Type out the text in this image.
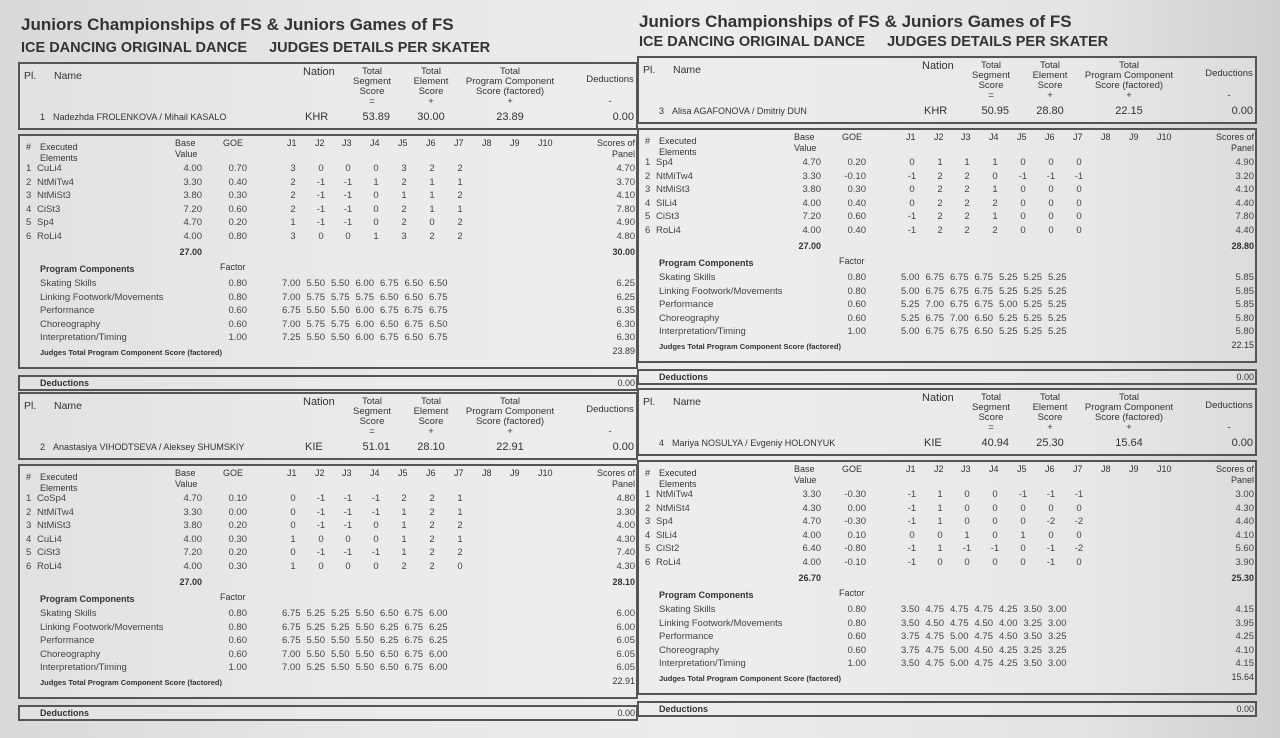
Juniors Championships of FS & Juniors Games of FS
ICE DANCING ORIGINAL DANCE JUDGES DETAILS PER SKATER
Pl. Name	Nation	Total
Segment
Score
=
Total
Element
Score
+
Total
Program Component
Score (factored)
+
Deductions
-
1 Nadezhda FROLENKOVA / Mihail KASALO	KHR	53.89	30.00	23.89	0.00
# Executed
Elements
Base
Value
GOE	J1 J2 J3 J4 J5 J6 J7 J8 J9 J10	Scores of
Panel
1 CuLi4	4.00	0.70	3	0	0	0	3	2	2	4.70
2 NtMiTw4	3.30	0.40	2	-1	-1	1	2	1	1	3.70
3 NtMiSt3	3.80	0.30	2	-1	-1	0	1	1	2	4.10
4 CiSt3	7.20	0.60	2	-1	-1	0	2	1	1	7.80
5 Sp4	4.70	0.20	1	-1	-1	0	2	0	2	4.90
6 RoLi4	4.00	0.80	3	0	0	1	3	2	2	4.80
27.00	30.00
Program Components	Factor
Skating Skills	0.80	7.00 5.50 5.50 6.00 6.75 6.50 6.50	6.25
Linking Footwork/Movements	0.80	7.00 5.75 5.75 5.75 6.50 6.50 6.75	6.25
Performance	0.60	6.75 5.50 5.50 6.00 6.75 6.75 6.75	6.35
Choreography	0.60	7.00 5.75 5.75 6.00 6.50 6.75 6.50	6.30
Interpretation/Timing	1.00	7.25 5.50 5.50 6.00 6.75 6.50 6.75	6.30
Judges Total Program Component Score (factored)	23.89
Deductions	0.00
Pl. Name	Nation	Total
Segment
Score
=
Total
Element
Score
+
Total
Program Component
Score (factored)
+
Deductions
-
2 Anastasiya VIHODTSEVA / Aleksey SHUMSKIY	KIE	51.01	28.10	22.91	0.00
# Executed
Elements
Base
Value
GOE	J1 J2 J3 J4 J5 J6 J7 J8 J9 J10	Scores of
Panel
1 CoSp4	4.70	0.10	0	-1	-1	-1	2	2	1	4.80
2 NtMiTw4	3.30	0.00	0	-1	-1	-1	1	2	1	3.30
3 NtMiSt3	3.80	0.20	0	-1	-1	0	1	2	2	4.00
4 CuLi4	4.00	0.30	1	0	0	0	1	2	1	4.30
5 CiSt3	7.20	0.20	0	-1	-1	-1	1	2	2	7.40
6 RoLi4	4.00	0.30	1	0	0	0	2	2	0	4.30
27.00	28.10
Program Components	Factor
Skating Skills	0.80	6.75 5.25 5.25 5.50 6.50 6.75 6.00	6.00
Linking Footwork/Movements	0.80	6.75 5.25 5.25 5.50 6.25 6.75 6.25	6.00
Performance	0.60	6.75 5.50 5.50 5.50 6.25 6.75 6.25	6.05
Choreography	0.60	7.00 5.50 5.50 5.50 6.50 6.75 6.00	6.05
Interpretation/Timing	1.00	7.00 5.25 5.50 5.50 6.50 6.75 6.00	6.05
Judges Total Program Component Score (factored)	22.91
Deductions	0.00
Juniors Championships of FS & Juniors Games of FS
ICE DANCING ORIGINAL DANCE JUDGES DETAILS PER SKATER
Pl. Name	Nation	Total
Segment
Score
=
Total
Element
Score
+
Total
Program Component
Score (factored)
+
Deductions
-
3 Alisa AGAFONOVA / Dmitriy DUN	KHR	50.95	28.80	22.15	0.00
# Executed
Elements
Base
Value
GOE	J1 J2 J3 J4 J5 J6 J7 J8 J9 J10	Scores of
Panel
1 Sp4	4.70	0.20	0	1	1	1	0	0	0	4.90
2 NtMiTw4	3.30	-0.10	-1	2	2	0	-1	-1	-1	3.20
3 NtMiSt3	3.80	0.30	0	2	2	1	0	0	0	4.10
4 SlLi4	4.00	0.40	0	2	2	2	0	0	0	4.40
5 CiSt3	7.20	0.60	-1	2	2	1	0	0	0	7.80
6 RoLi4	4.00	0.40	-1	2	2	2	0	0	0	4.40
27.00	28.80
Program Components	Factor
Skating Skills	0.80	5.00 6.75 6.75 6.75 5.25 5.25 5.25	5.85
Linking Footwork/Movements	0.80	5.00 6.75 6.75 6.75 5.25 5.25 5.25	5.85
Performance	0.60	5.25 7.00 6.75 6.75 5.00 5.25 5.25	5.85
Choreography	0.60	5.25 6.75 7.00 6.50 5.25 5.25 5.25	5.80
Interpretation/Timing	1.00	5.00 6.75 6.75 6.50 5.25 5.25 5.25	5.80
Judges Total Program Component Score (factored)	22.15
Deductions	0.00
Pl. Name	Nation	Total
Segment
Score
=
Total
Element
Score
+
Total
Program Component
Score (factored)
+
Deductions
-
4 Mariya NOSULYA / Evgeniy HOLONYUK	KIE	40.94	25.30	15.64	0.00
# Executed
Elements
Base
Value
GOE	J1 J2 J3 J4 J5 J6 J7 J8 J9 J10	Scores of
Panel
1 NtMiTw4	3.30	-0.30	-1	1	0	0	-1	-1	-1	3.00
2 NtMiSt4	4.30	0.00	-1	1	0	0	0	0	0	4.30
3 Sp4	4.70	-0.30	-1	1	0	0	0	-2	-2	4.40
4 SlLi4	4.00	0.10	0	0	1	0	1	0	0	4.10
5 CiSt2	6.40	-0.80	-1	1	-1	-1	0	-1	-2	5.60
6 RoLi4	4.00	-0.10	-1	0	0	0	0	-1	0	3.90
26.70	25.30
Program Components	Factor
Skating Skills	0.80	3.50 4.75 4.75 4.75 4.25 3.50 3.00	4.15
Linking Footwork/Movements	0.80	3.50 4.50 4.75 4.50 4.00 3.25 3.00	3.95
Performance	0.60	3.75 4.75 5.00 4.75 4.50 3.50 3.25	4.25
Choreography	0.60	3.75 4.75 5.00 4.50 4.25 3.25 3.25	4.10
Interpretation/Timing	1.00	3.50 4.75 5.00 4.75 4.25 3.50 3.00	4.15
Judges Total Program Component Score (factored)	15.64
Deductions	0.00
